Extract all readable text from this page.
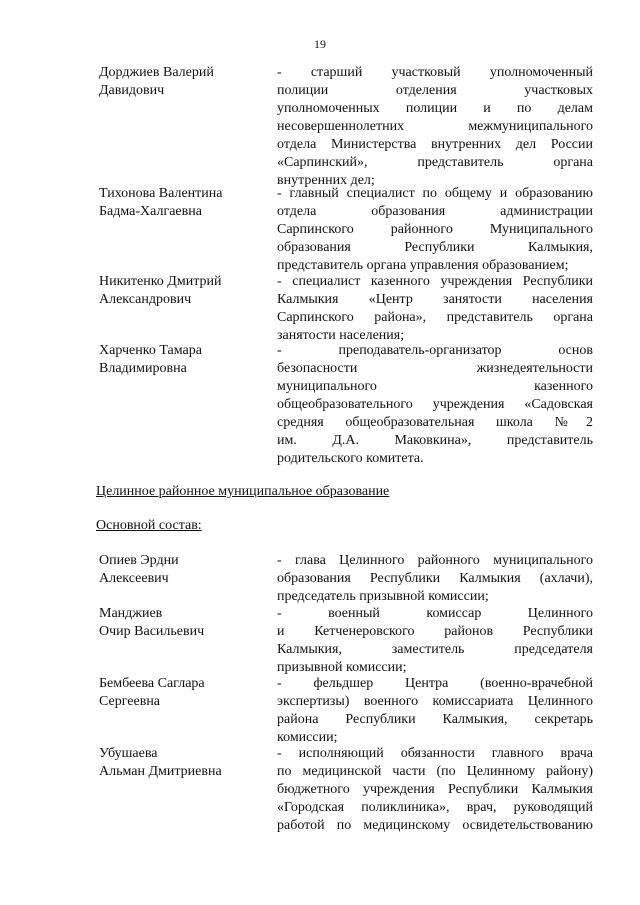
19
Дорджиев Валерий
Давидович
- старший участковый уполномоченный
полиции отделения участковых
уполномоченных полиции и по делам
несовершеннолетних межмуниципального
отдела Министерства внутренних дел России
«Сарпинский», представитель органа
внутренних дел;
Тихонова Валентина
Бадма-Халгаевна
- главный специалист по общему и образованию
отдела образования администрации
Сарпинского районного Муниципального
образования Республики Калмыкия,
представитель органа управления образованием;
Никитенко Дмитрий
Александрович
- специалист казенного учреждения Республики
Калмыкия «Центр занятости населения
Сарпинского района», представитель органа
занятости населения;
Харченко Тамара
Владимировна
- преподаватель-организатор основ
безопасности жизнедеятельности
муниципального казенного
общеобразовательного учреждения «Садовская
средняя общеобразовательная школа №2
им. Д.А. Маковкина», представитель
родительского комитета.
Целинное районное муниципальное образование
Основной состав:
Опиев Эрдни
Алексеевич
- глава Целинного районного муниципального
образования Республики Калмыкия (ахлачи),
председатель призывной комиссии;
Манджиев
Очир Васильевич
- военный комиссар Целинного
и Кетченеровского районов Республики
Калмыкия, заместитель председателя
призывной комиссии;
Бембеева Саглара
Сергеевна
- фельдшер Центра (военно-врачебной
экспертизы) военного комиссариата Целинного
района Республики Калмыкия, секретарь
комиссии;
Убушаева
Альман Дмитриевна
- исполняющий обязанности главного врача
по медицинской части (по Целинному району)
бюджетного учреждения Республики Калмыкия
«Городская поликлиника», врач, руководящий
работой по медицинскому освидетельствованию
